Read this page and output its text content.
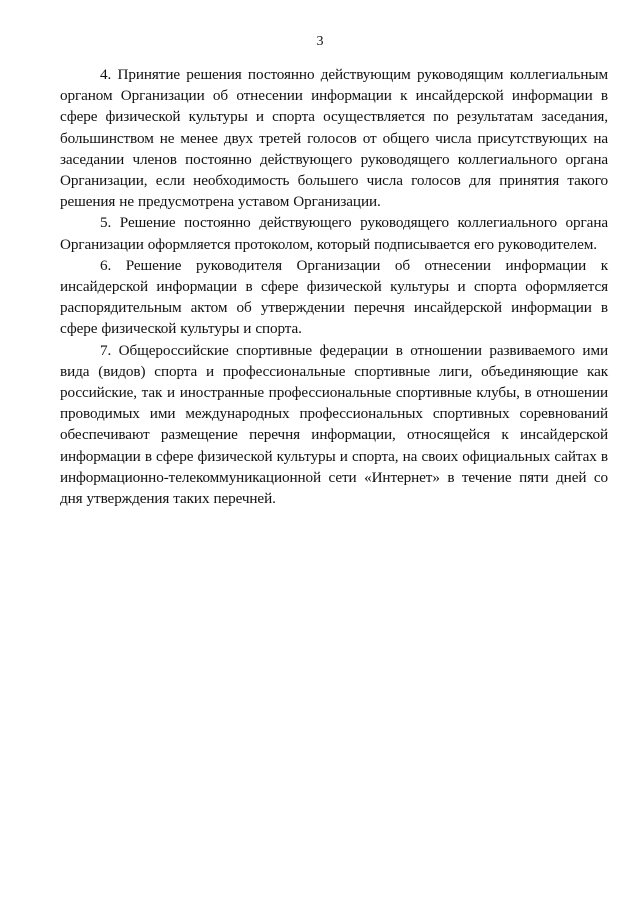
3

4. Принятие решения постоянно действующим руководящим коллегиальным органом Организации об отнесении информации к инсайдерской информации в сфере физической культуры и спорта осуществляется по результатам заседания, большинством не менее двух третей голосов от общего числа присутствующих на заседании членов постоянно действующего руководящего коллегиального органа Организации, если необходимость большего числа голосов для принятия такого решения не предусмотрена уставом Организации.

5. Решение постоянно действующего руководящего коллегиального органа Организации оформляется протоколом, который подписывается его руководителем.

6. Решение руководителя Организации об отнесении информации к инсайдерской информации в сфере физической культуры и спорта оформляется распорядительным актом об утверждении перечня инсайдерской информации в сфере физической культуры и спорта.

7. Общероссийские спортивные федерации в отношении развиваемого ими вида (видов) спорта и профессиональные спортивные лиги, объединяющие как российские, так и иностранные профессиональные спортивные клубы, в отношении проводимых ими международных профессиональных спортивных соревнований обеспечивают размещение перечня информации, относящейся к инсайдерской информации в сфере физической культуры и спорта, на своих официальных сайтах в информационно-телекоммуникационной сети «Интернет» в течение пяти дней со дня утверждения таких перечней.
